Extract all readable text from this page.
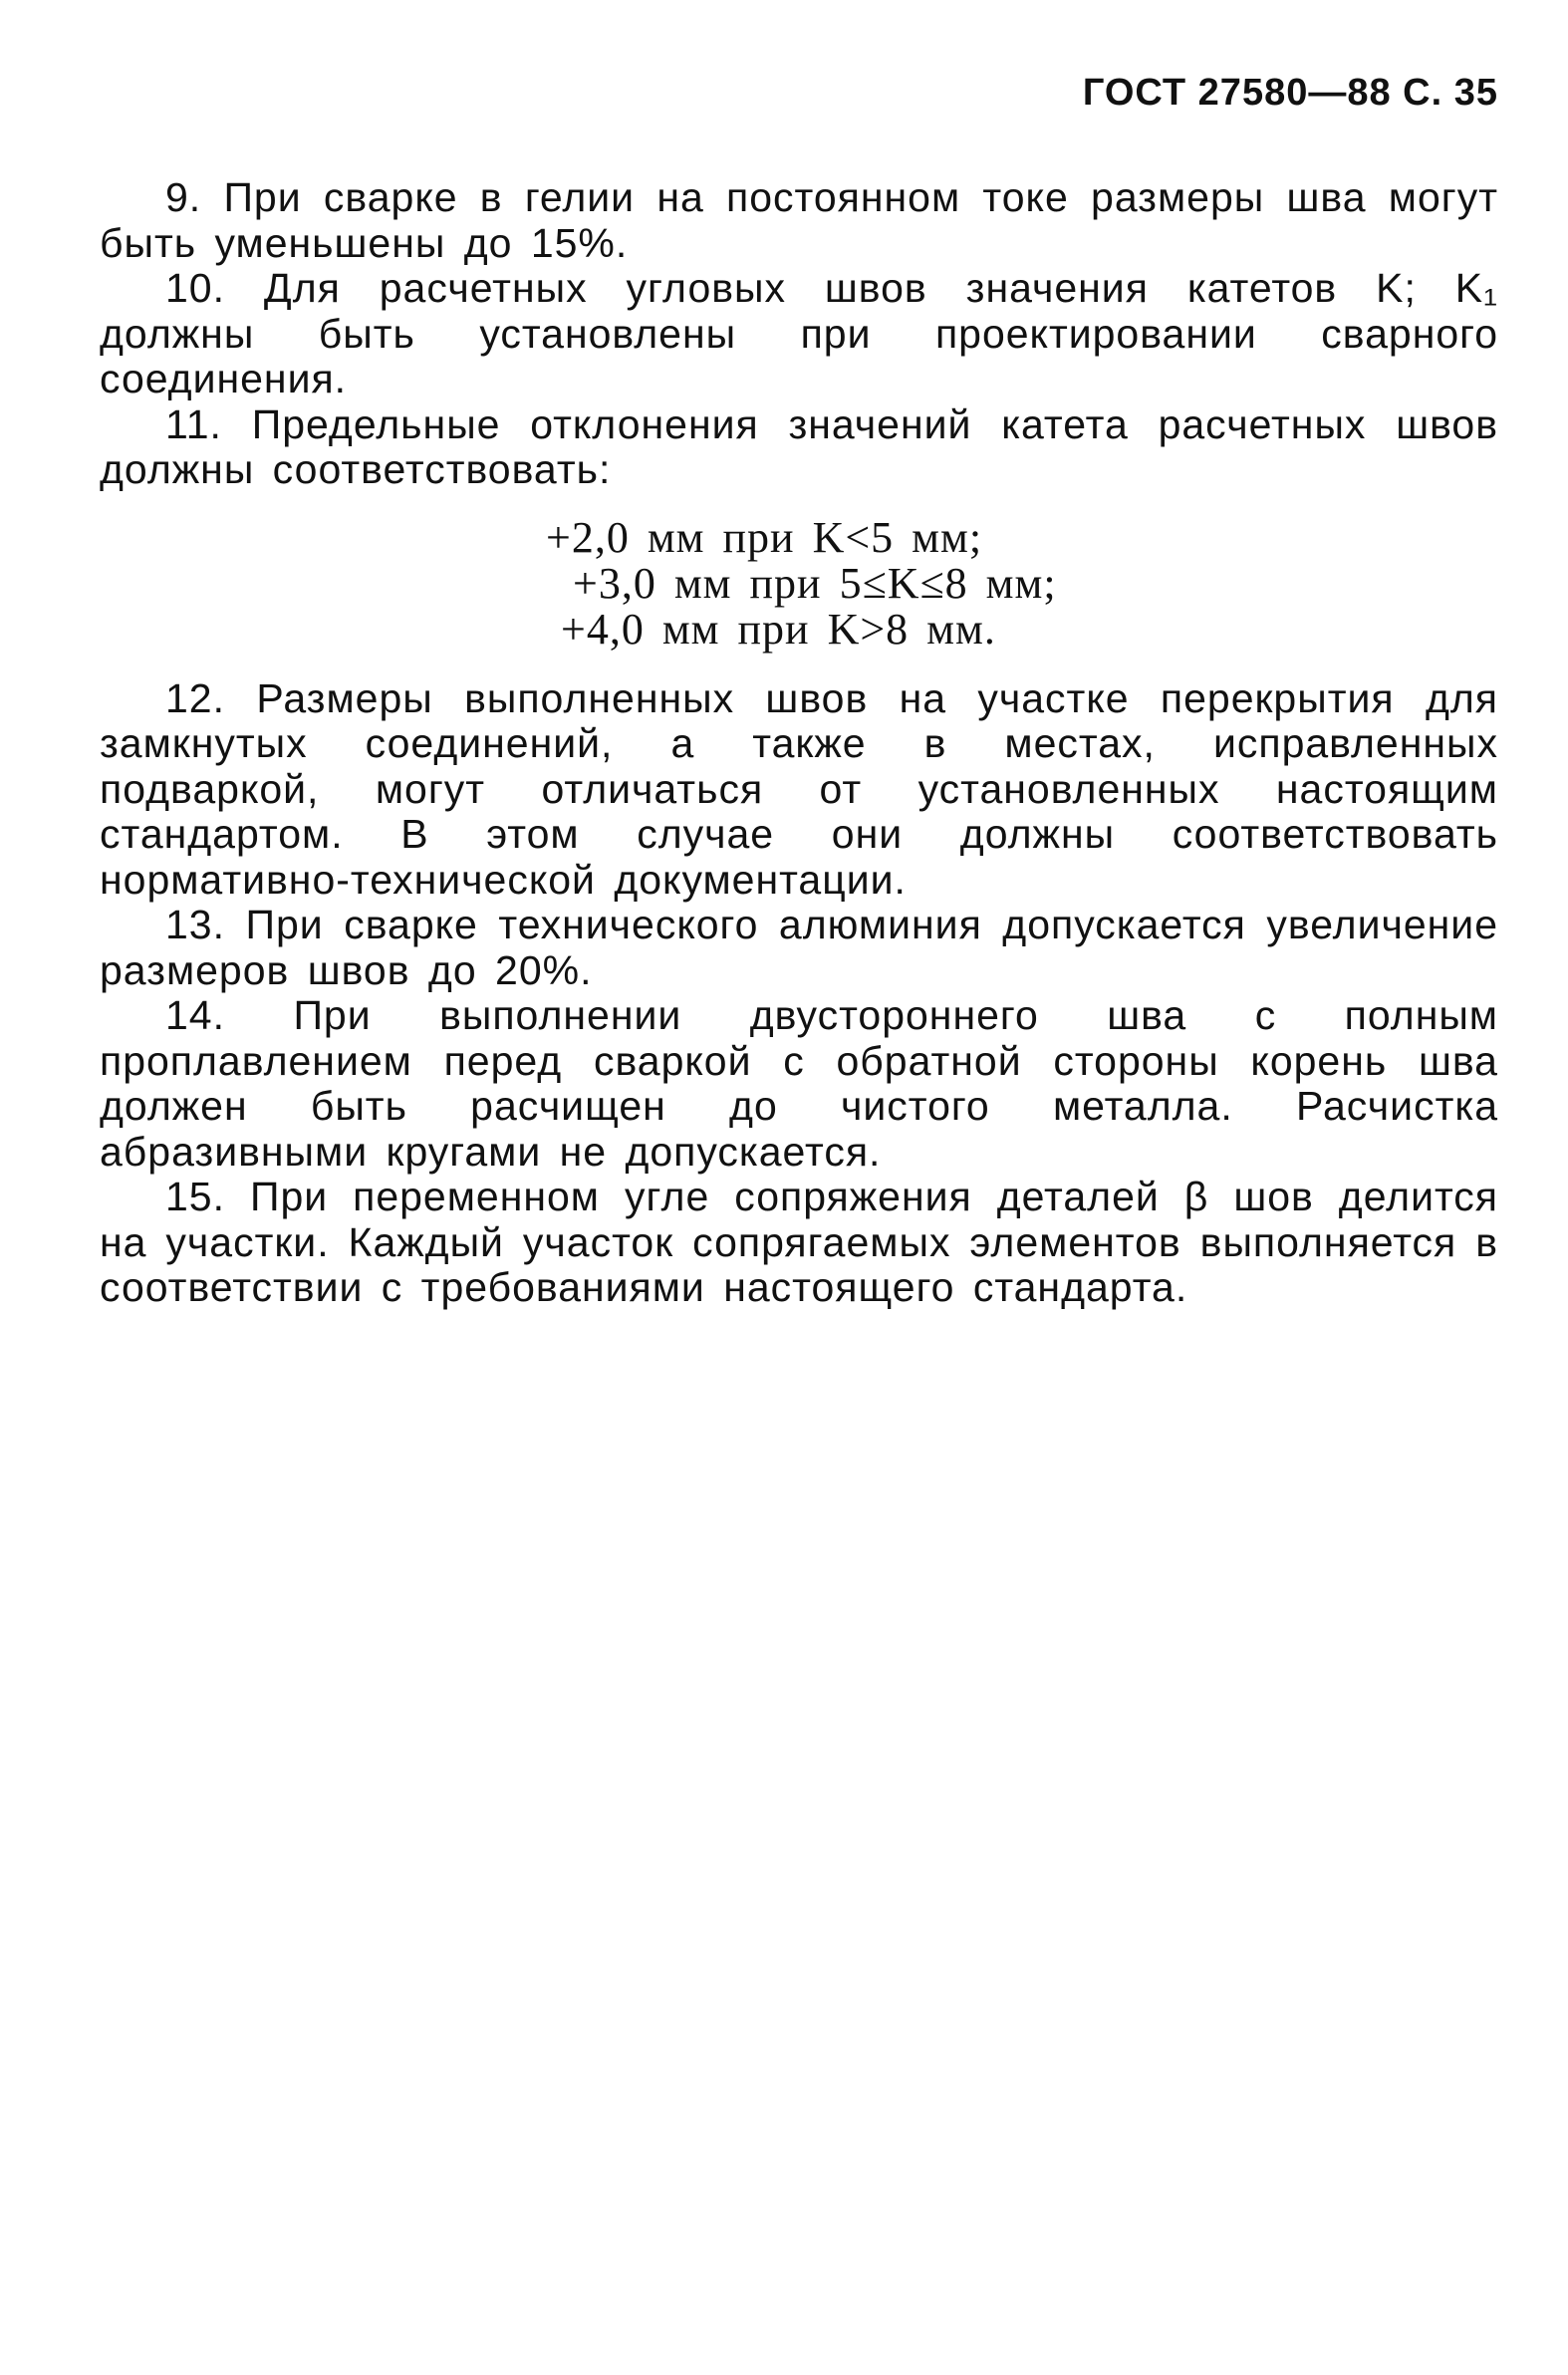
ГОСТ 27580—88 С. 35

9. При сварке в гелии на постоянном токе размеры шва могут быть уменьшены до 15%.

10. Для расчетных угловых швов значения катетов K; K₁ должны быть установлены при проектировании сварного соединения.

11. Предельные отклонения значений катета расчетных швов должны соответствовать:

+2,0 мм при K<5 мм;
+3,0 мм при 5≤K≤8 мм;
+4,0 мм при K>8 мм.

12. Размеры выполненных швов на участке перекрытия для замкнутых соединений, а также в местах, исправленных подваркой, могут отличаться от установленных настоящим стандартом. В этом случае они должны соответствовать нормативно-технической документации.

13. При сварке технического алюминия допускается увеличение размеров швов до 20%.

14. При выполнении двустороннего шва с полным проплавлением перед сваркой с обратной стороны корень шва должен быть расчищен до чистого металла. Расчистка абразивными кругами не допускается.

15. При переменном угле сопряжения деталей β шов делится на участки. Каждый участок сопрягаемых элементов выполняется в соответствии с требованиями настоящего стандарта.
